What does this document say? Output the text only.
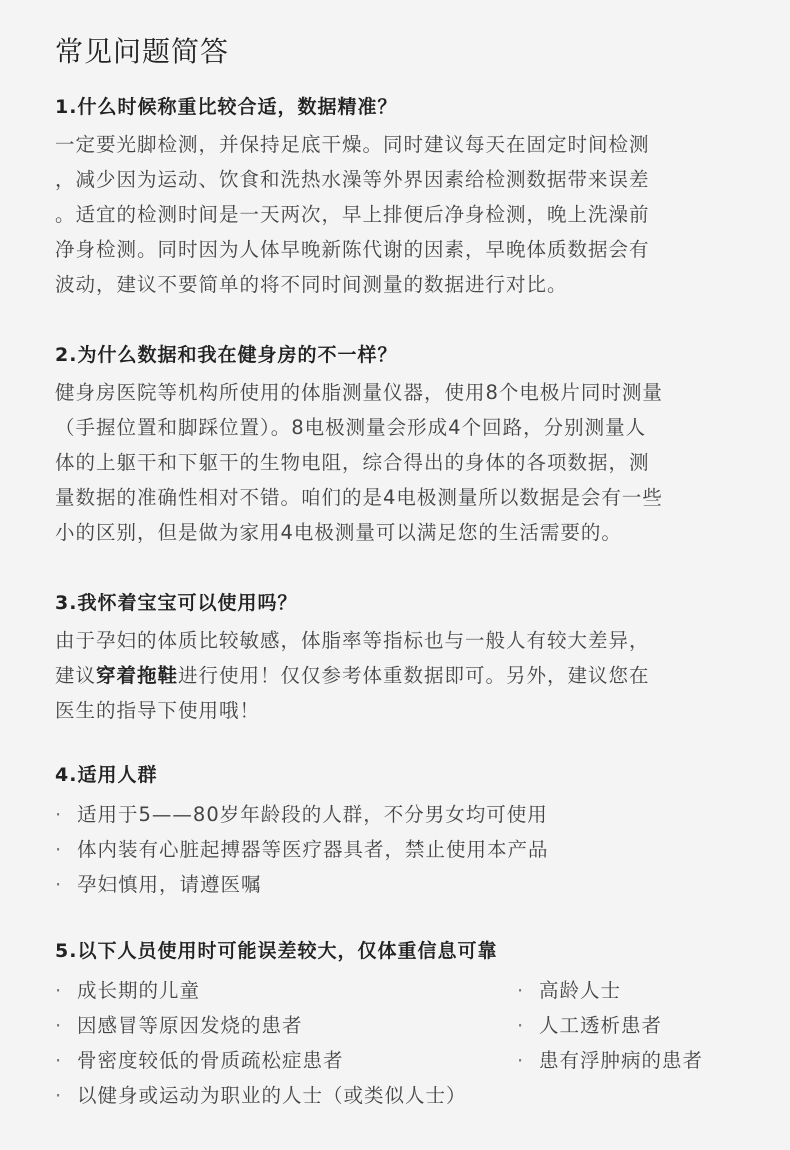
常见问题简答
1.什么时候称重比较合适，数据精准？
一定要光脚检测，并保持足底干燥。同时建议每天在固定时间检测
，减少因为运动、饮食和洗热水澡等外界因素给检测数据带来误差
。适宜的检测时间是一天两次，早上排便后净身检测，晚上洗澡前
净身检测。同时因为人体早晚新陈代谢的因素，早晚体质数据会有
波动，建议不要简单的将不同时间测量的数据进行对比。
2.为什么数据和我在健身房的不一样？
健身房医院等机构所使用的体脂测量仪器，使用8个电极片同时测量
（手握位置和脚踩位置）。8电极测量会形成4个回路，分别测量人
体的上躯干和下躯干的生物电阻，综合得出的身体的各项数据，测
量数据的准确性相对不错。咱们的是4电极测量所以数据是会有一些
小的区别，但是做为家用4电极测量可以满足您的生活需要的。
3.我怀着宝宝可以使用吗？
由于孕妇的体质比较敏感，体脂率等指标也与一般人有较大差异，
建议穿着拖鞋进行使用！仅仅参考体重数据即可。另外，建议您在
医生的指导下使用哦！
4.适用人群
· 适用于5——80岁年龄段的人群，不分男女均可使用
· 体内装有心脏起搏器等医疗器具者，禁止使用本产品
· 孕妇慎用，请遵医嘱
5.以下人员使用时可能误差较大，仅体重信息可靠
· 成长期的儿童	· 高龄人士
· 因感冒等原因发烧的患者	· 人工透析患者
· 骨密度较低的骨质疏松症患者	· 患有浮肿病的患者
· 以健身或运动为职业的人士（或类似人士）
